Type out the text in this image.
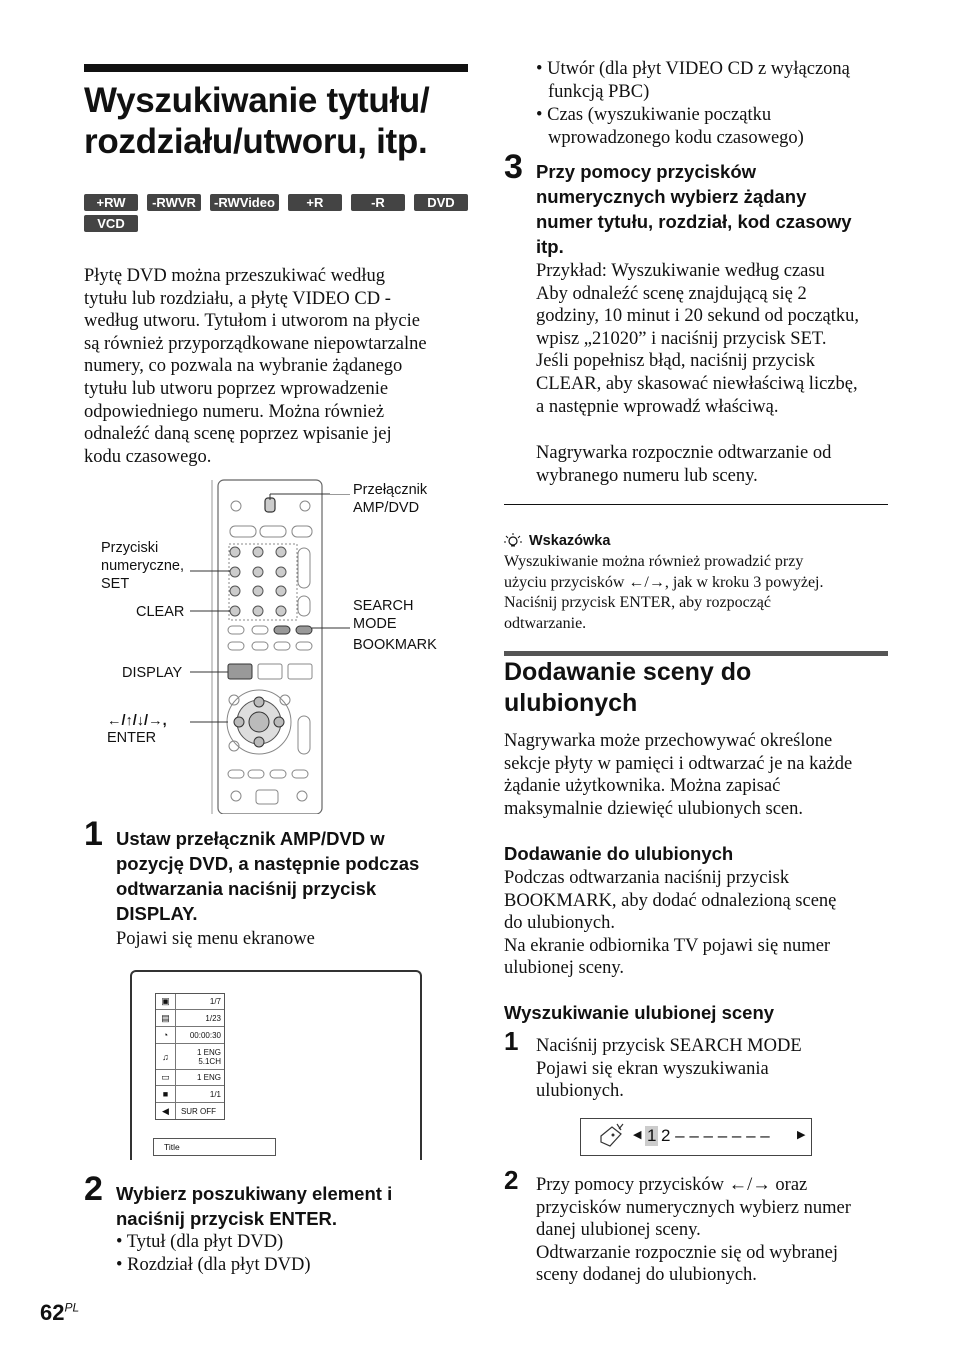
Wyszukiwanie tytułu/
rozdziału/utworu, itp.
+RW	-RWVR	-RWVideo	+R	-R	DVD
VCD
Płytę DVD można przeszukiwać według
tytułu lub rozdziału, a płytę VIDEO CD -
według utworu. Tytułom i utworom na płycie
są również przyporządkowane niepowtarzalne
numery, co pozwala na wybranie żądanego
tytułu lub utworu poprzez wprowadzenie
odpowiedniego numeru. Można również
odnaleźć daną scenę poprzez wpisanie jej
kodu czasowego.
Przełącznik
AMP/DVD
Przyciski
numeryczne,
SET
CLEAR	SEARCH
MODE
BOOKMARK
DISPLAY
←/↑/↓/→,
ENTER
1 Ustaw przełącznik AMP/DVD w
pozycję DVD, a następnie podczas
odtwarzania naciśnij przycisk
DISPLAY.
Pojawi się menu ekranowe
▣	1/7
▤	1/23
◔	00:00:30
♫	1 ENG
5.1CH
▭	1 ENG
■	1/1
◀	SUR OFF
Title
2 Wybierz poszukiwany element i
naciśnij przycisk ENTER.
• Tytuł (dla płyt DVD)
• Rozdział (dla płyt DVD)
• Utwór (dla płyt VIDEO CD z wyłączoną
funkcją PBC)
• Czas (wyszukiwanie początku
wprowadzonego kodu czasowego)
3 Przy pomocy przycisków
numerycznych wybierz żądany
numer tytułu, rozdział, kod czasowy
itp.
Przykład: Wyszukiwanie według czasu
Aby odnaleźć scenę znajdującą się 2
godziny, 10 minut i 20 sekund od początku,
wpisz „21020” i naciśnij przycisk SET.
Jeśli popełnisz błąd, naciśnij przycisk
CLEAR, aby skasować niewłaściwą liczbę,
a następnie wprowadź właściwą.
Nagrywarka rozpocznie odtwarzanie od
wybranego numeru lub sceny.
Wskazówka
Wyszukiwanie można również prowadzić przy
użyciu przycisków ←/→, jak w kroku 3 powyżej.
Naciśnij przycisk ENTER, aby rozpocząć
odtwarzanie.
Dodawanie sceny do
ulubionych
Nagrywarka może przechowywać określone
sekcje płyty w pamięci i odtwarzać je na każde
żądanie użytkownika. Można zapisać
maksymalnie dziewięć ulubionych scen.
Dodawanie do ulubionych
Podczas odtwarzania naciśnij przycisk
BOOKMARK, aby dodać odnalezioną scenę
do ulubionych.
Na ekranie odbiornika TV pojawi się numer
ulubionej sceny.
Wyszukiwanie ulubionej sceny
1 Naciśnij przycisk SEARCH MODE
Pojawi się ekran wyszukiwania
ulubionych.
◀ 1 2 – – – – – – – ▶
2 Przy pomocy przycisków ←/→ oraz
przycisków numerycznych wybierz numer
danej ulubionej sceny.
Odtwarzanie rozpocznie się od wybranej
sceny dodanej do ulubionych.
$62^{PL}$
